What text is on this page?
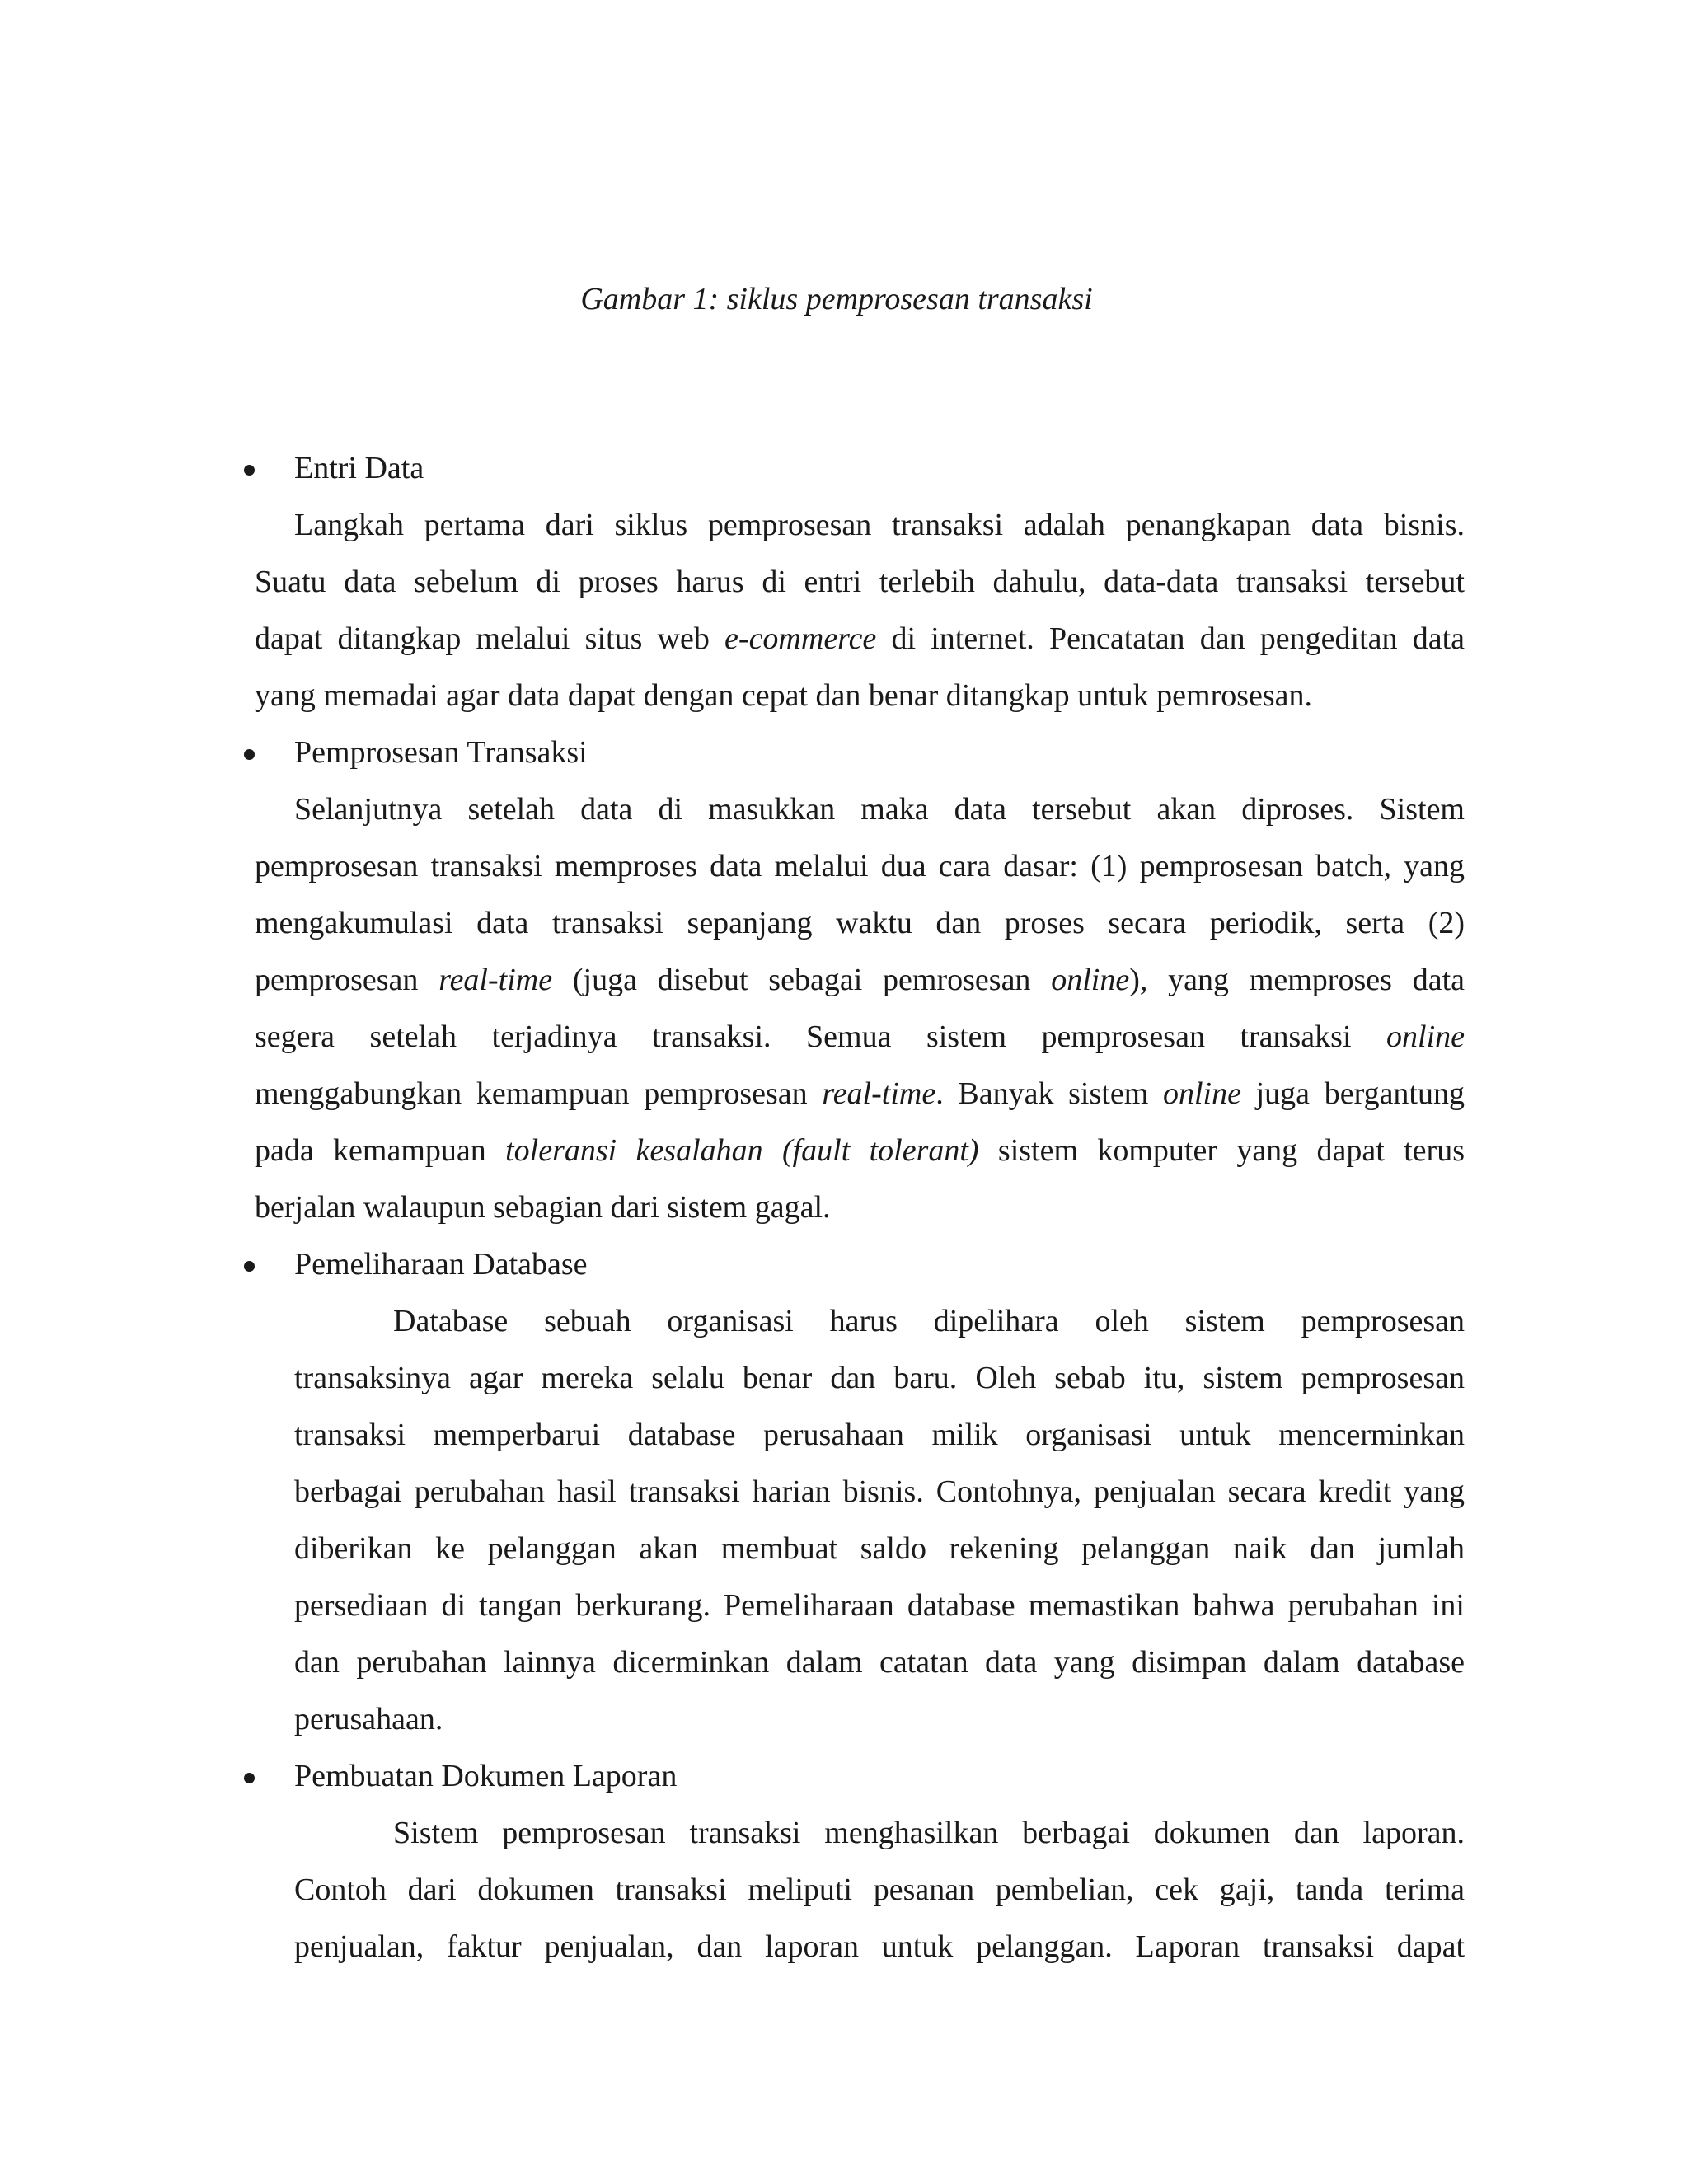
Gambar 1: siklus pemprosesan transaksi
Entri Data
Langkah pertama dari siklus pemprosesan transaksi adalah penangkapan data bisnis.
Suatu data sebelum di proses harus di entri terlebih dahulu, data-data transaksi tersebut
dapat ditangkap melalui situs web e-commerce di internet. Pencatatan dan pengeditan data
yang memadai agar data dapat dengan cepat dan benar ditangkap untuk pemrosesan.
Pemprosesan Transaksi
Selanjutnya setelah data di masukkan maka data tersebut akan diproses. Sistem
pemprosesan transaksi memproses data melalui dua cara dasar: (1) pemprosesan batch, yang
mengakumulasi data transaksi sepanjang waktu dan proses secara periodik, serta (2)
pemprosesan real-time (juga disebut sebagai pemrosesan online), yang memproses data
segera setelah terjadinya transaksi. Semua sistem pemprosesan transaksi online
menggabungkan kemampuan pemprosesan real-time. Banyak sistem online juga bergantung
pada kemampuan toleransi kesalahan (fault tolerant) sistem komputer yang dapat terus
berjalan walaupun sebagian dari sistem gagal.
Pemeliharaan Database
Database sebuah organisasi harus dipelihara oleh sistem pemprosesan
transaksinya agar mereka selalu benar dan baru. Oleh sebab itu, sistem pemprosesan
transaksi memperbarui database perusahaan milik organisasi untuk mencerminkan
berbagai perubahan hasil transaksi harian bisnis. Contohnya, penjualan secara kredit yang
diberikan ke pelanggan akan membuat saldo rekening pelanggan naik dan jumlah
persediaan di tangan berkurang. Pemeliharaan database memastikan bahwa perubahan ini
dan perubahan lainnya dicerminkan dalam catatan data yang disimpan dalam database
perusahaan.
Pembuatan Dokumen Laporan
Sistem pemprosesan transaksi menghasilkan berbagai dokumen dan laporan.
Contoh dari dokumen transaksi meliputi pesanan pembelian, cek gaji, tanda terima
penjualan, faktur penjualan, dan laporan untuk pelanggan. Laporan transaksi dapat
